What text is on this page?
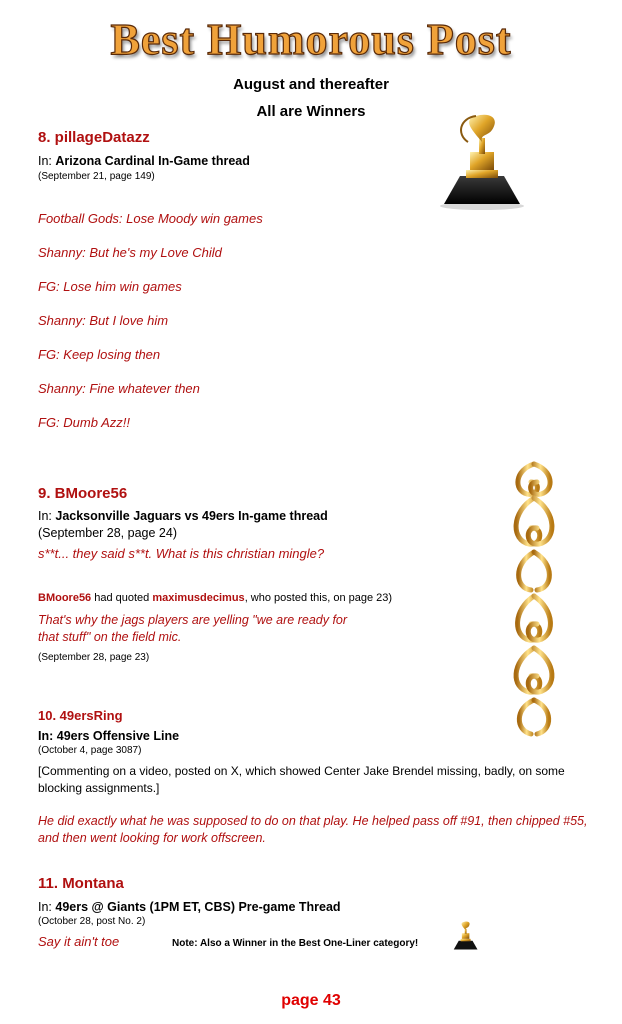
Best Humorous Post
August and thereafter
All are Winners
8. pillageDatazz
In: Arizona Cardinal In-Game thread
(September 21, page 149)
Football Gods: Lose Moody win games
Shanny: But he's my Love Child
FG: Lose him win games
Shanny: But I love him
FG: Keep losing then
Shanny: Fine whatever then
FG: Dumb Azz!!
9. BMoore56
In: Jacksonville Jaguars vs 49ers In-game thread
(September 28, page 24)
s**t... they said s**t. What is this christian mingle?
BMoore56 had quoted maximusdecimus, who posted this, on page 23)
That's why the jags players are yelling "we are ready for
that stuff" on the field mic.
(September 28, page 23)
10. 49ersRing
In: 49ers Offensive Line
(October 4, page 3087)
[Commenting on a video, posted on X, which showed Center Jake Brendel missing, badly, on some blocking assignments.]
He did exactly what he was supposed to do on that play. He helped pass off #91, then chipped #55, and then went looking for work offscreen.
11. Montana
In: 49ers @ Giants (1PM ET, CBS) Pre-game Thread
(October 28, post No. 2)
Say it ain't toe	Note: Also a Winner in the Best One-Liner category!
page 43
